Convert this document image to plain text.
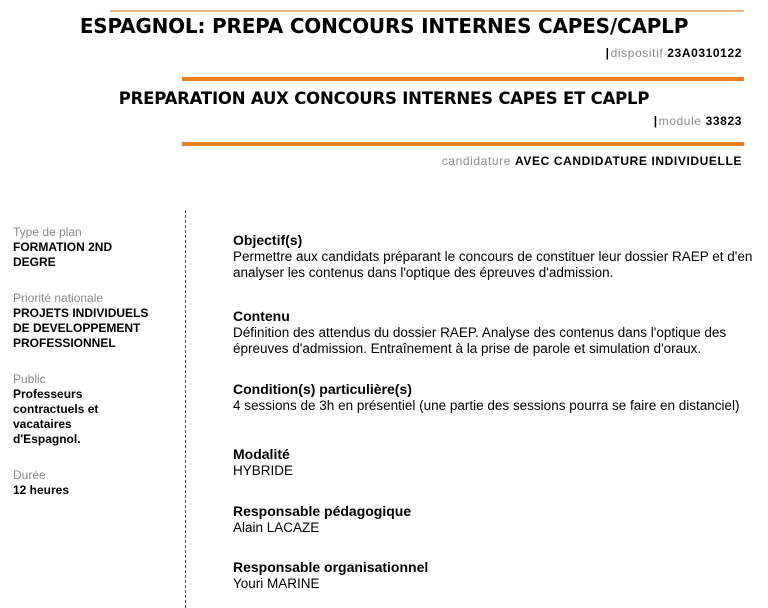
ESPAGNOL: PREPA CONCOURS INTERNES CAPES/CAPLP
|dispositif 23A0310122
PREPARATION AUX CONCOURS INTERNES CAPES ET CAPLP
|module 33823
candidature AVEC CANDIDATURE INDIVIDUELLE
Type de plan
FORMATION 2ND DEGRE
Priorité nationale
PROJETS INDIVIDUELS DE DEVELOPPEMENT PROFESSIONNEL
Public
Professeurs contractuels et vacataires d'Espagnol.
Durée
12 heures
Objectif(s)
Permettre aux candidats préparant le concours de constituer leur dossier RAEP et d'en analyser les contenus dans l'optique des épreuves d'admission.
Contenu
Définition des attendus du dossier RAEP. Analyse des contenus dans l'optique des épreuves d'admission. Entraînement à la prise de parole et simulation d'oraux.
Condition(s) particulière(s)
4 sessions de 3h en présentiel (une partie des sessions pourra se faire en distanciel)
Modalité
HYBRIDE
Responsable pédagogique
Alain LACAZE
Responsable organisationnel
Youri MARINE
